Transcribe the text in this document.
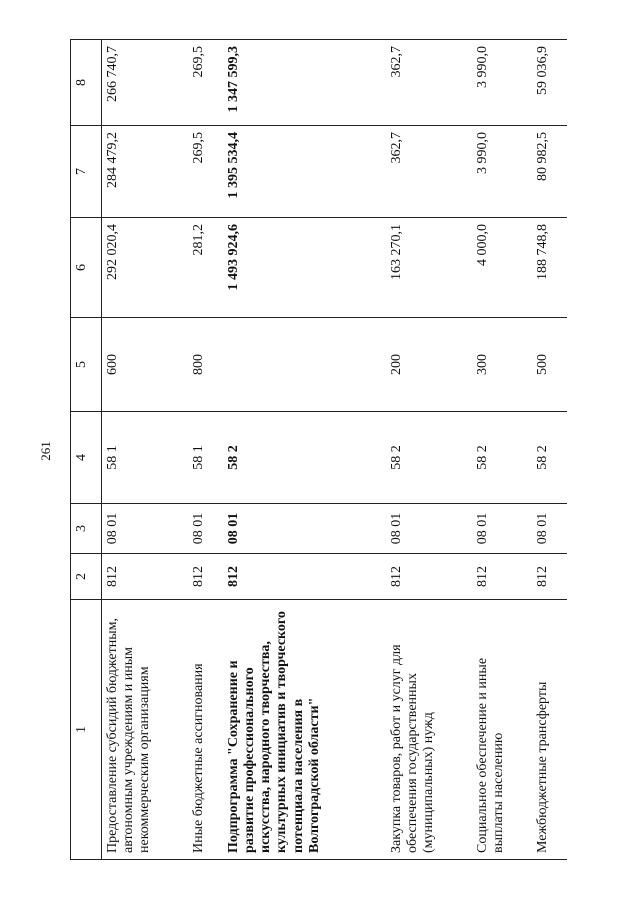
261
1	2	3	4	5	6	7	8
Предоставление субсидий бюджетным, автономным учреждениям и иным некоммерческим организациям	812	08 01	58 1	600	292 020,4	284 479,2	266 740,7
Иные бюджетные ассигнования	812	08 01	58 1	800	281,2	269,5	269,5
Подпрограмма "Сохранение и развитие профессионального искусства, народного творчества, культурных инициатив и творческого потенциала населения в Волгоградской области"	812	08 01	58 2		1 493 924,6	1 395 534,4	1 347 599,3
Закупка товаров, работ и услуг для обеспечения государственных (муниципальных) нужд	812	08 01	58 2	200	163 270,1	362,7	362,7
Социальное обеспечение и иные выплаты населению	812	08 01	58 2	300	4 000,0	3 990,0	3 990,0
Межбюджетные трансферты	812	08 01	58 2	500	188 748,8	80 982,5	59 036,9
